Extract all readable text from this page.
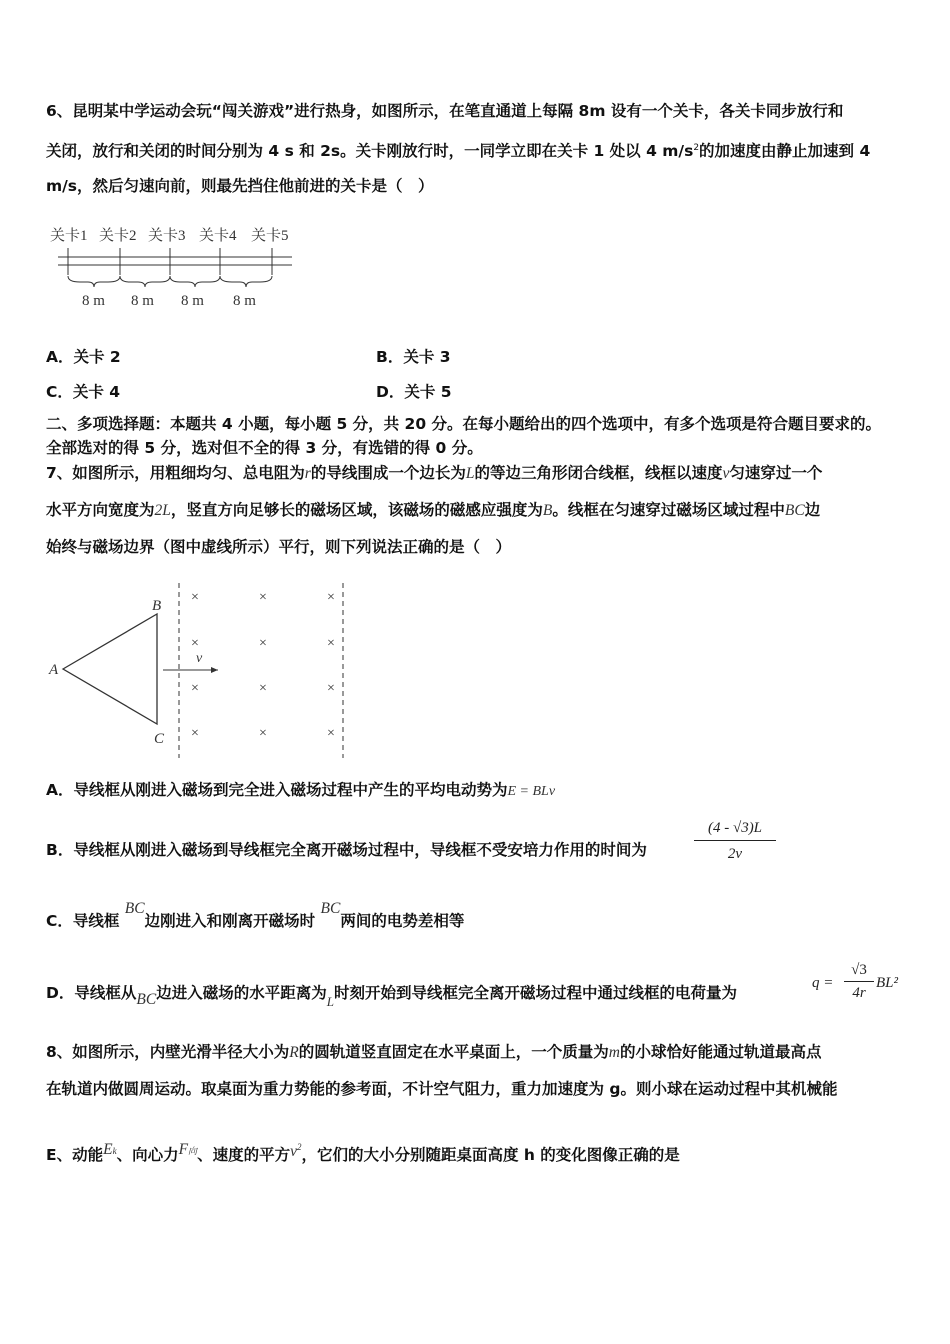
6、昆明某中学运动会玩“闯关游戏”进行热身，如图所示，在笔直通道上每隔 8m 设有一个关卡，各关卡同步放行和
关闭，放行和关闭的时间分别为 4 s 和 2s。关卡刚放行时，一同学立即在关卡 1 处以 4 $m/s^2$的加速度由静止加速到 4
m/s，然后匀速向前，则最先挡住他前进的关卡是（　）
关卡1 关卡2 关卡3 关卡4 关卡5
8 m 8 m 8 m 8 m
A．关卡 2	B．关卡 3
C．关卡 4	D．关卡 5
二、多项选择题：本题共 4 小题，每小题 5 分，共 20 分。在每小题给出的四个选项中，有多个选项是符合题目要求的。
全部选对的得 5 分，选对但不全的得 3 分，有选错的得 0 分。
7、如图所示，用粗细均匀、总电阻为r的导线围成一个边长为L的等边三角形闭合线框，线框以速度v匀速穿过一个
水平方向宽度为2L，竖直方向足够长的磁场区域，该磁场的磁感应强度为B。线框在匀速穿过磁场区域过程中BC边
始终与磁场边界（图中虚线所示）平行，则下列说法正确的是（　）
A
B
C
v
×	×	×
×	×	×
×	×	×
×	×	×
A．导线框从刚进入磁场到完全进入磁场过程中产生的平均电动势为E = BLv
B．导线框从刚进入磁场到导线框完全离开磁场过程中，导线框不受安培力作用的时间为	$\frac{(4 - √3)L}{2v}$
C．导线框 BC边刚进入和刚离开磁场时 BC两间的电势差相等
D．导线框从BC边进入磁场的水平距离为$_L$时刻开始到导线框完全离开磁场过程中通过线框的电荷量为
$q = \frac{√3}{4r} BL^2$
8、如图所示，内壁光滑半径大小为R的圆轨道竖直固定在水平桌面上，一个质量为m的小球恰好能通过轨道最高点
在轨道内做圆周运动。取桌面为重力势能的参考面，不计空气阻力，重力加速度为 g。则小球在运动过程中其机械能
E、动能Ek、向心力F向、速度的平方$v^2$，它们的大小分别随距桌面高度 h 的变化图像正确的是
